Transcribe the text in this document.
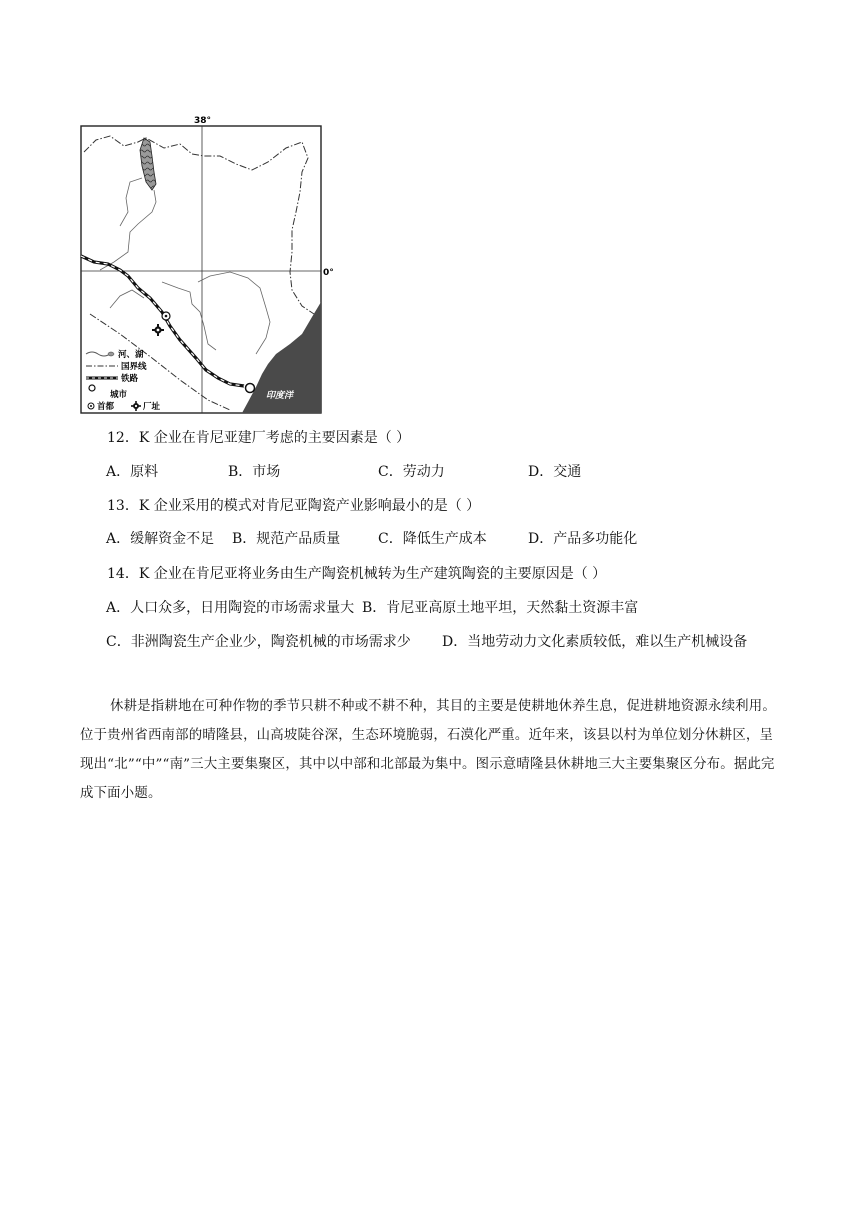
38°
0°
印度洋
河、湖
国界线
铁路
城市
首都	厂址
12．K 企业在肯尼亚建厂考虑的主要因素是（ ）
A．原料	B．市场	C．劳动力	D．交通
13．K 企业采用的模式对肯尼亚陶瓷产业影响最小的是（ ）
A．缓解资金不足 B．规范产品质量	C．降低生产成本	D．产品多功能化
14．K 企业在肯尼亚将业务由生产陶瓷机械转为生产建筑陶瓷的主要原因是（ ）
A．人口众多，日用陶瓷的市场需求量大 B．肯尼亚高原土地平坦，天然黏土资源丰富
C．非洲陶瓷生产企业少，陶瓷机械的市场需求少 D．当地劳动力文化素质较低，难以生产机械设备
休耕是指耕地在可种作物的季节只耕不种或不耕不种，其目的主要是使耕地休养生息，促进耕地资源永续利用。位于贵州省西南部的晴隆县，山高坡陡谷深，生态环境脆弱，石漠化严重。近年来，该县以村为单位划分休耕区，呈现出“北”“中”“南”三大主要集聚区，其中以中部和北部最为集中。图示意晴隆县休耕地三大主要集聚区分布。据此完成下面小题。
